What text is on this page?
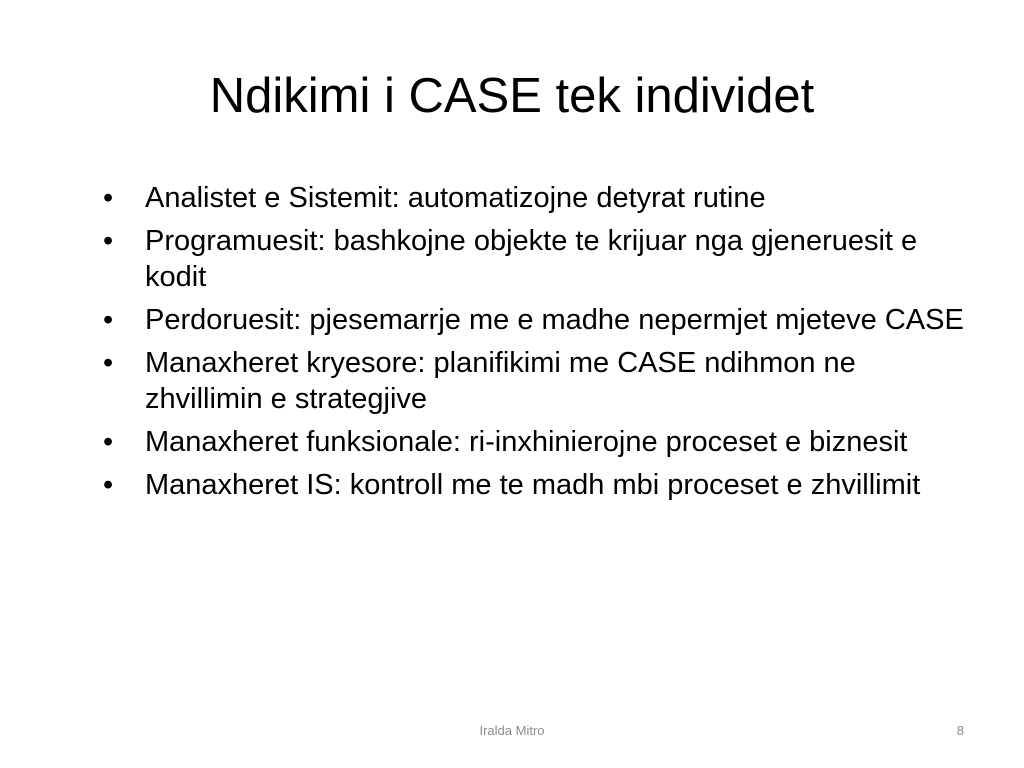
Ndikimi i CASE tek individet
• Analistet e Sistemit: automatizojne detyrat rutine
• Programuesit: bashkojne objekte te krijuar nga gjeneruesit e kodit
• Perdoruesit: pjesemarrje me e madhe nepermjet mjeteve CASE
• Manaxheret kryesore: planifikimi me CASE ndihmon ne zhvillimin e strategjive
• Manaxheret funksionale: ri-inxhinierojne proceset e biznesit
• Manaxheret IS: kontroll me te madh mbi proceset e zhvillimit
Iralda Mitro	8
